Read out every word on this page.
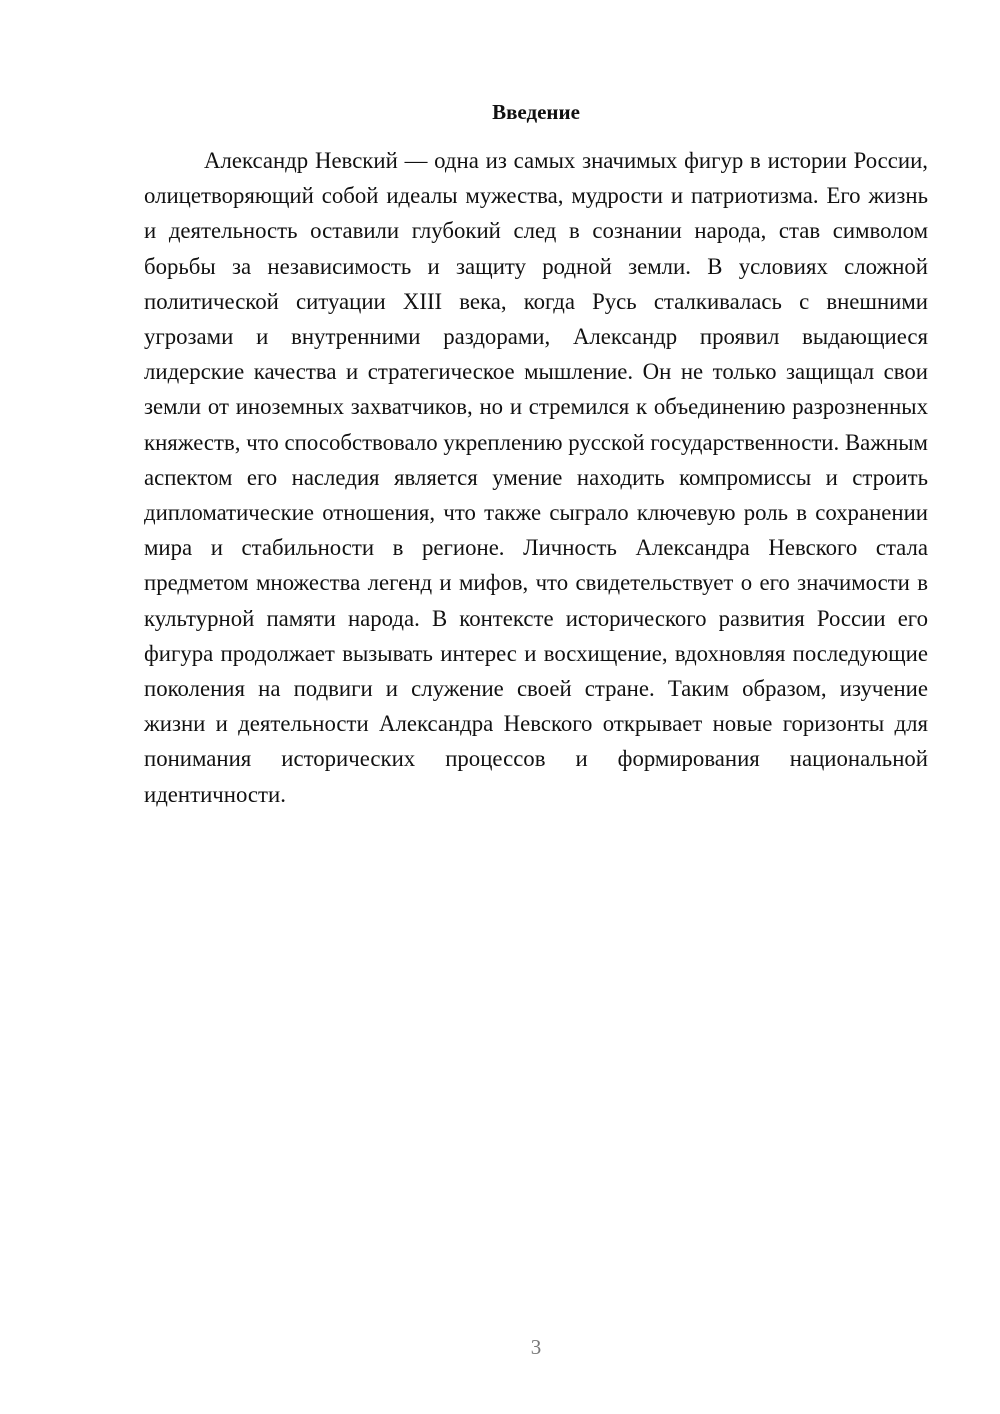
Введение

Александр Невский — одна из самых значимых фигур в истории России, олицетворяющий собой идеалы мужества, мудрости и патриотизма. Его жизнь и деятельность оставили глубокий след в сознании народа, став символом борьбы за независимость и защиту родной земли. В условиях сложной политической ситуации XIII века, когда Русь сталкивалась с внешними угрозами и внутренними раздорами, Александр проявил выдающиеся лидерские качества и стратегическое мышление. Он не только защищал свои земли от иноземных захватчиков, но и стремился к объединению разрозненных княжеств, что способствовало укреплению русской государственности. Важным аспектом его наследия является умение находить компромиссы и строить дипломатические отношения, что также сыграло ключевую роль в сохранении мира и стабильности в регионе. Личность Александра Невского стала предметом множества легенд и мифов, что свидетельствует о его значимости в культурной памяти народа. В контексте исторического развития России его фигура продолжает вызывать интерес и восхищение, вдохновляя последующие поколения на подвиги и служение своей стране. Таким образом, изучение жизни и деятельности Александра Невского открывает новые горизонты для понимания исторических процессов и формирования национальной идентичности.

3
